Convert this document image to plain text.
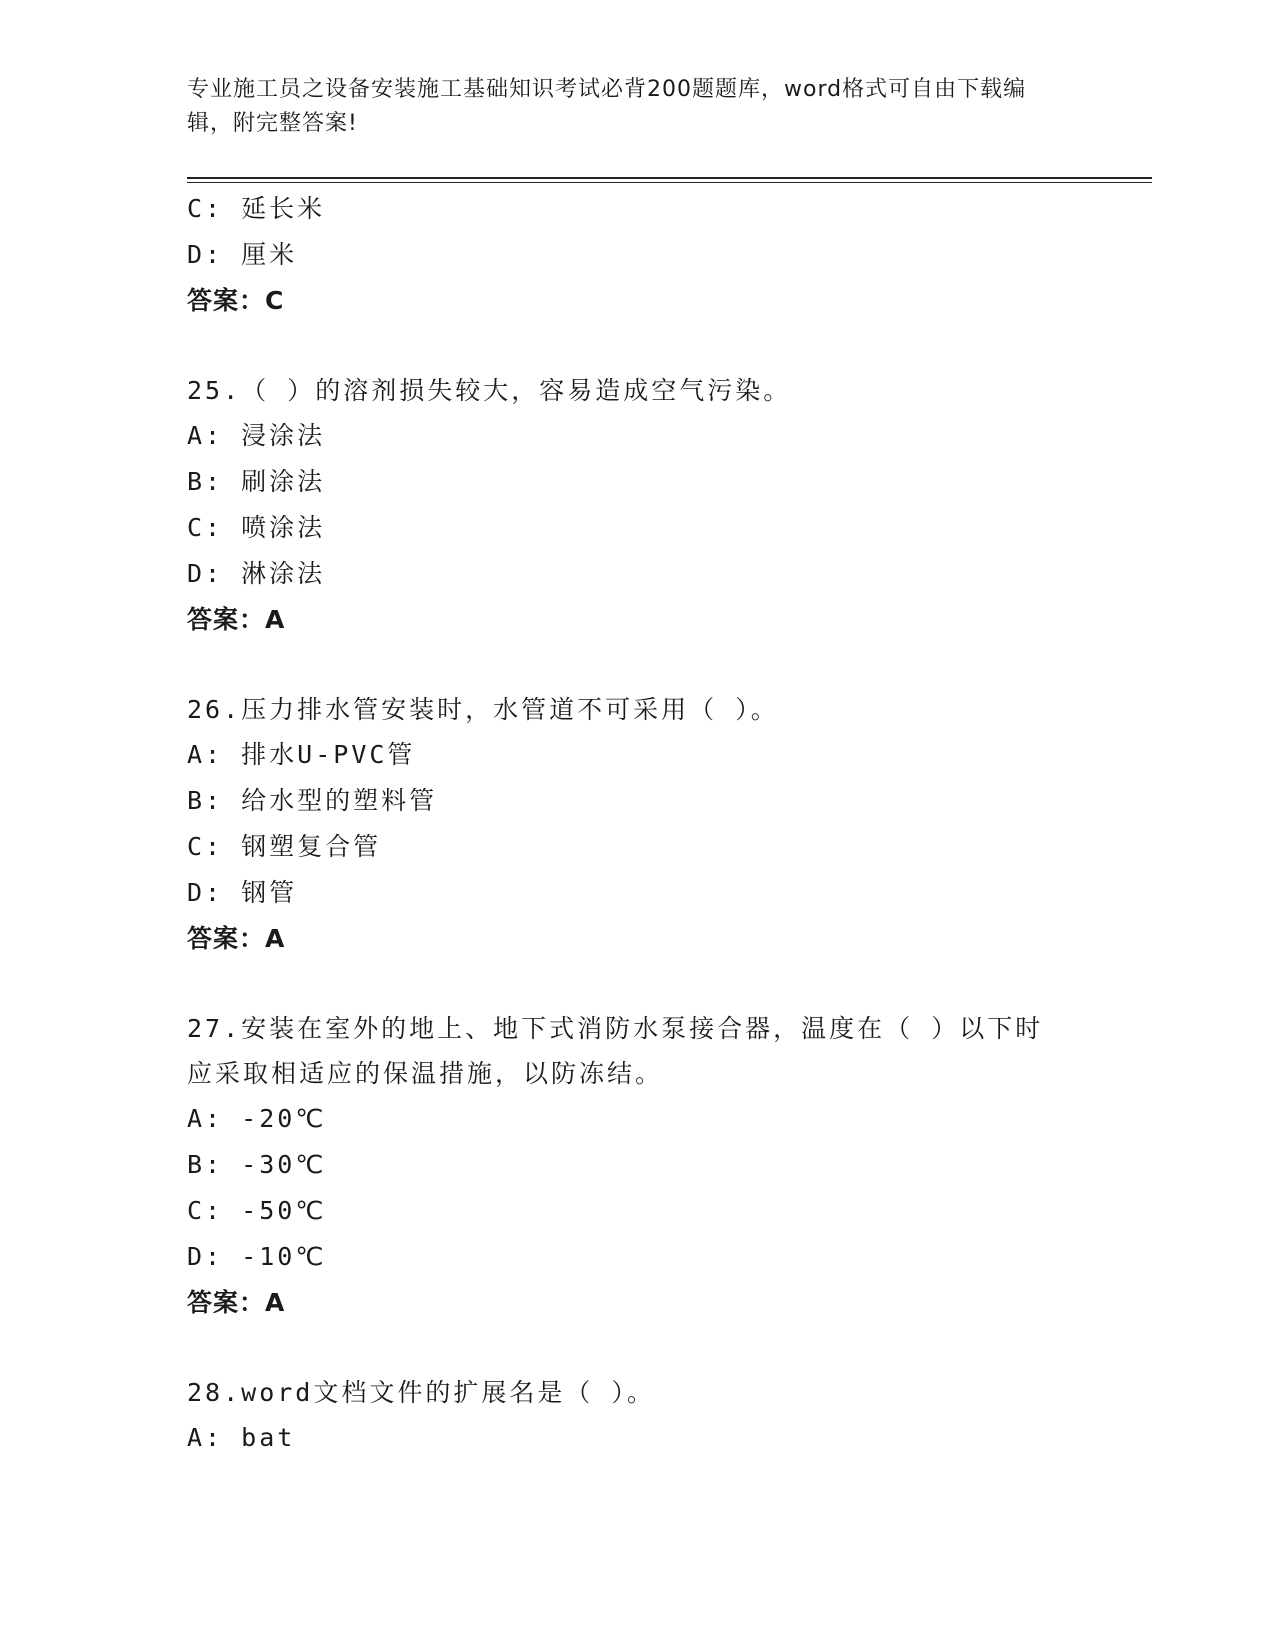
专业施工员之设备安装施工基础知识考试必背200题题库，word格式可自由下载编辑，附完整答案!
C: 延长米
D: 厘米
答案：C
25.（ ）的溶剂损失较大，容易造成空气污染。
A: 浸涂法
B: 刷涂法
C: 喷涂法
D: 淋涂法
答案：A
26.压力排水管安装时，水管道不可采用（ ）。
A: 排水U-PVC管
B: 给水型的塑料管
C: 钢塑复合管
D: 钢管
答案：A
27.安装在室外的地上、地下式消防水泵接合器，温度在（ ）以下时应采取相适应的保温措施，以防冻结。
A: -20℃
B: -30℃
C: -50℃
D: -10℃
答案：A
28.word文档文件的扩展名是（ ）。
A: bat
